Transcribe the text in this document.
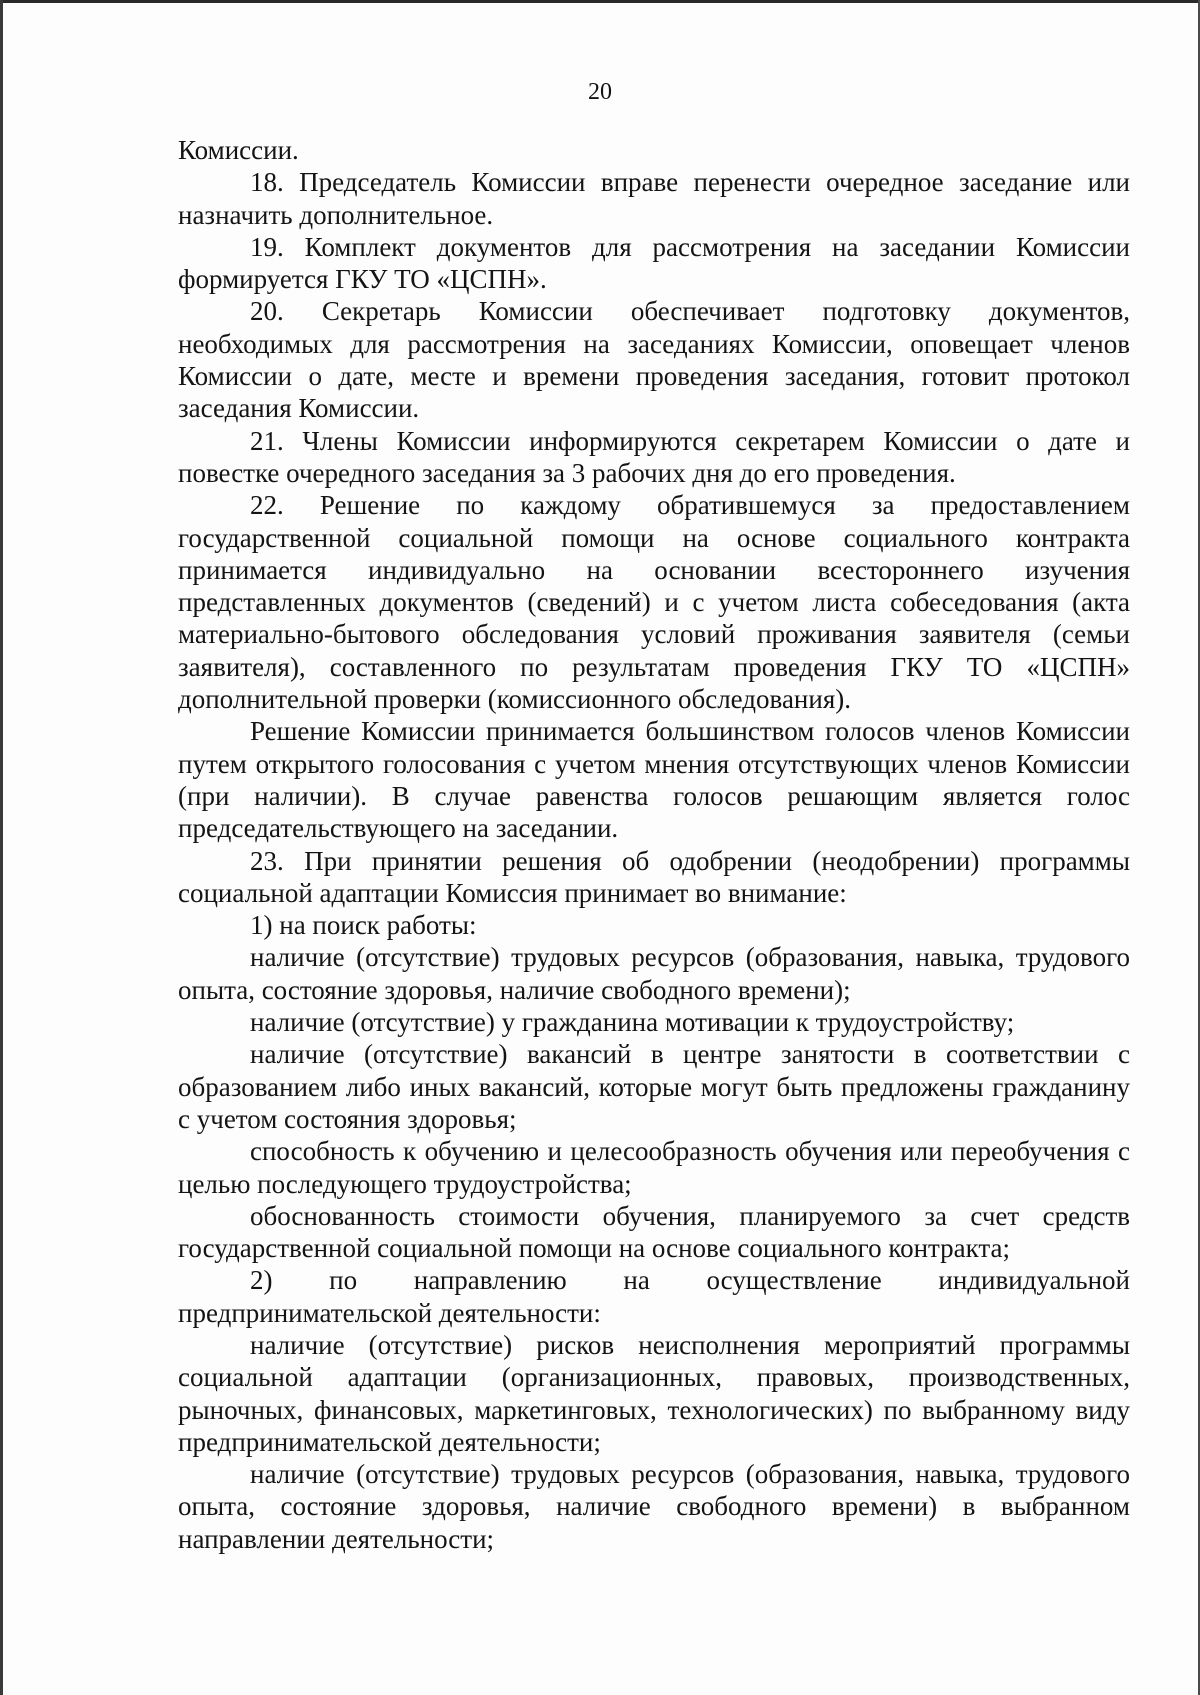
20

Комиссии.

18. Председатель Комиссии вправе перенести очередное заседание или назначить дополнительное.

19. Комплект документов для рассмотрения на заседании Комиссии формируется ГКУ ТО «ЦСПН».

20. Секретарь Комиссии обеспечивает подготовку документов, необходимых для рассмотрения на заседаниях Комиссии, оповещает членов Комиссии о дате, месте и времени проведения заседания, готовит протокол заседания Комиссии.

21. Члены Комиссии информируются секретарем Комиссии о дате и повестке очередного заседания за 3 рабочих дня до его проведения.

22. Решение по каждому обратившемуся за предоставлением государственной социальной помощи на основе социального контракта принимается индивидуально на основании всестороннего изучения представленных документов (сведений) и с учетом листа собеседования (акта материально-бытового обследования условий проживания заявителя (семьи заявителя), составленного по результатам проведения ГКУ ТО «ЦСПН» дополнительной проверки (комиссионного обследования).

Решение Комиссии принимается большинством голосов членов Комиссии путем открытого голосования с учетом мнения отсутствующих членов Комиссии (при наличии). В случае равенства голосов решающим является голос председательствующего на заседании.

23. При принятии решения об одобрении (неодобрении) программы социальной адаптации Комиссия принимает во внимание:

1) на поиск работы:

наличие (отсутствие) трудовых ресурсов (образования, навыка, трудового опыта, состояние здоровья, наличие свободного времени);

наличие (отсутствие) у гражданина мотивации к трудоустройству;

наличие (отсутствие) вакансий в центре занятости в соответствии с образованием либо иных вакансий, которые могут быть предложены гражданину с учетом состояния здоровья;

способность к обучению и целесообразность обучения или переобучения с целью последующего трудоустройства;

обоснованность стоимости обучения, планируемого за счет средств государственной социальной помощи на основе социального контракта;

2) по направлению на осуществление индивидуальной предпринимательской деятельности:

наличие (отсутствие) рисков неисполнения мероприятий программы социальной адаптации (организационных, правовых, производственных, рыночных, финансовых, маркетинговых, технологических) по выбранному виду предпринимательской деятельности;

наличие (отсутствие) трудовых ресурсов (образования, навыка, трудового опыта, состояние здоровья, наличие свободного времени) в выбранном направлении деятельности;
